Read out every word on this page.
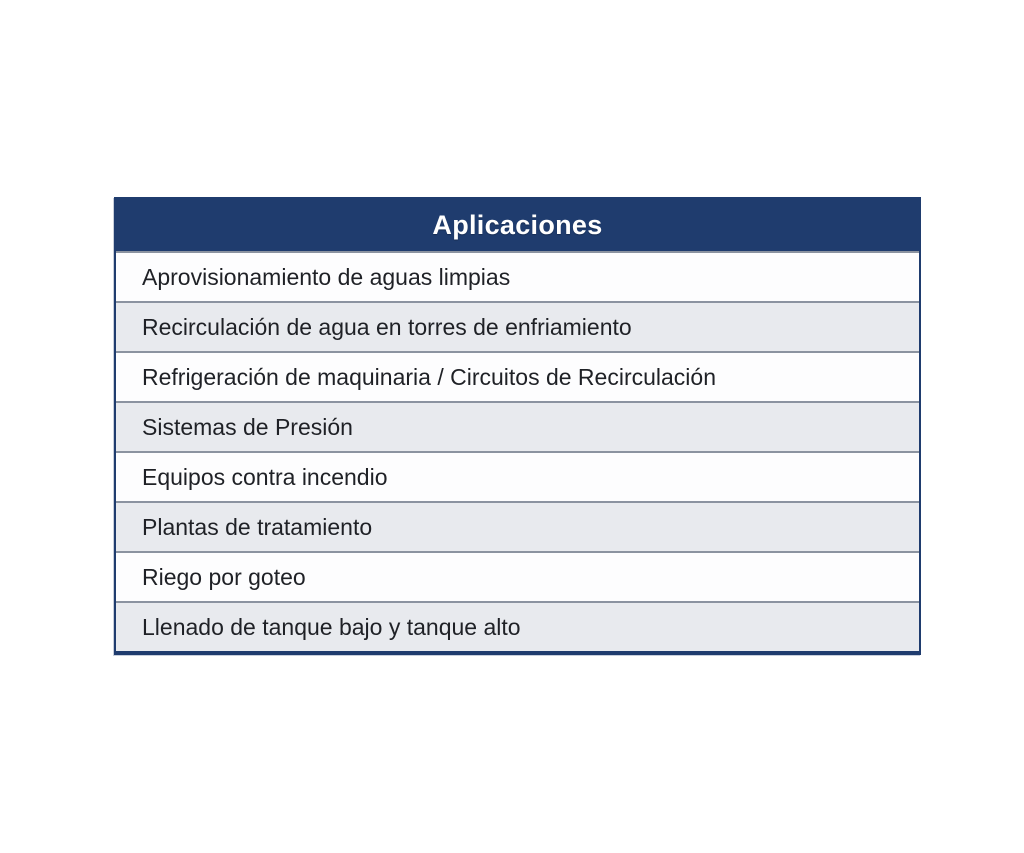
Aplicaciones
Aprovisionamiento de aguas limpias
Recirculación de agua en torres de enfriamiento
Refrigeración de maquinaria / Circuitos de Recirculación
Sistemas de Presión
Equipos contra incendio
Plantas de tratamiento
Riego por goteo
Llenado de tanque bajo y tanque alto
